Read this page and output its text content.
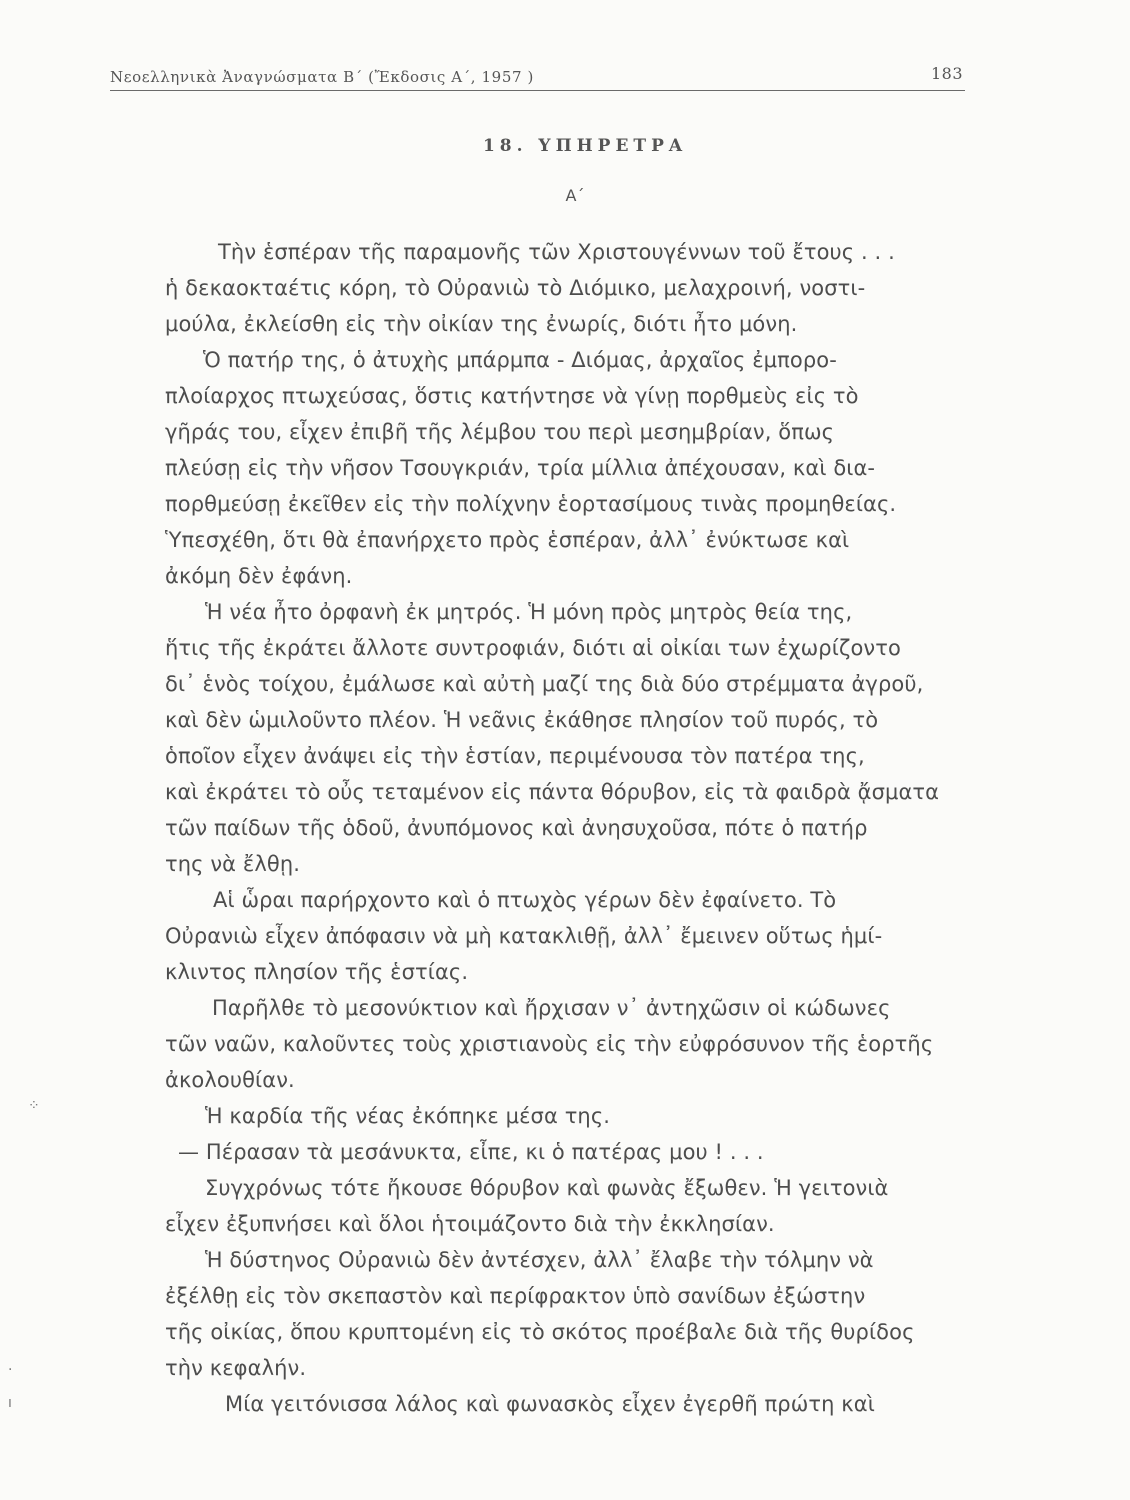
Νεοελληνικὰ Ἀναγνώσματα Β´ (Ἔκδοσις Α´, 1957 )	183
18. ΥΠΗΡΕΤΡΑ
Α´
Τὴν ἑσπέραν τῆς παραμονῆς τῶν Χριστουγέννων τοῦ ἔτους . . .
ἡ δεκαοκταέτις κόρη, τὸ Οὐρανιὼ τὸ Διόμικο, μελαχροινή, νοστι-
μούλα, ἐκλείσθη εἰς τὴν οἰκίαν της ἐνωρίς, διότι ἦτο μόνη.
Ὁ πατήρ της, ὁ ἀτυχὴς μπάρμπα - Διόμας, ἀρχαῖος ἐμπορο-
πλοίαρχος πτωχεύσας, ὅστις κατήντησε νὰ γίνῃ πορθμεὺς εἰς τὸ
γῆράς του, εἶχεν ἐπιβῆ τῆς λέμβου του περὶ μεσημβρίαν, ὅπως
πλεύσῃ εἰς τὴν νῆσον Τσουγκριάν, τρία μίλλια ἀπέχουσαν, καὶ δια-
πορθμεύσῃ ἐκεῖθεν εἰς τὴν πολίχνην ἑορτασίμους τινὰς προμηθείας.
Ὑπεσχέθη, ὅτι θὰ ἐπανήρχετο πρὸς ἑσπέραν, ἀλλ᾽ ἐνύκτωσε καὶ
ἀκόμη δὲν ἐφάνη.
Ἡ νέα ἦτο ὀρφανὴ ἐκ μητρός. Ἡ μόνη πρὸς μητρὸς θεία της,
ἥτις τῆς ἐκράτει ἄλλοτε συντροφιάν, διότι αἱ οἰκίαι των ἐχωρίζοντο
δι᾽ ἑνὸς τοίχου, ἐμάλωσε καὶ αὐτὴ μαζί της διὰ δύο στρέμματα ἀγροῦ,
καὶ δὲν ὡμιλοῦντο πλέον. Ἡ νεᾶνις ἐκάθησε πλησίον τοῦ πυρός, τὸ
ὁποῖον εἶχεν ἀνάψει εἰς τὴν ἑστίαν, περιμένουσα τὸν πατέρα της,
καὶ ἐκράτει τὸ οὖς τεταμένον εἰς πάντα θόρυβον, εἰς τὰ φαιδρὰ ᾄσματα
τῶν παίδων τῆς ὁδοῦ, ἀνυπόμονος καὶ ἀνησυχοῦσα, πότε ὁ πατήρ
της νὰ ἔλθῃ.
Αἱ ὧραι παρήρχοντο καὶ ὁ πτωχὸς γέρων δὲν ἐφαίνετο. Τὸ
Οὐρανιὼ εἶχεν ἀπόφασιν νὰ μὴ κατακλιθῇ, ἀλλ᾽ ἔμεινεν οὕτως ἡμί-
κλιντος πλησίον τῆς ἑστίας.
Παρῆλθε τὸ μεσονύκτιον καὶ ἤρχισαν ν᾽ ἀντηχῶσιν οἱ κώδωνες
τῶν ναῶν, καλοῦντες τοὺς χριστιανοὺς εἰς τὴν εὐφρόσυνον τῆς ἑορτῆς
ἀκολουθίαν.
Ἡ καρδία τῆς νέας ἐκόπηκε μέσα της.
— Πέρασαν τὰ μεσάνυκτα, εἶπε, κι ὁ πατέρας μου ! . . .
Συγχρόνως τότε ἤκουσε θόρυβον καὶ φωνὰς ἔξωθεν. Ἡ γειτονιὰ
εἶχεν ἐξυπνήσει καὶ ὅλοι ἡτοιμάζοντο διὰ τὴν ἐκκλησίαν.
Ἡ δύστηνος Οὐρανιὼ δὲν ἀντέσχεν, ἀλλ᾽ ἔλαβε τὴν τόλμην νὰ
ἐξέλθῃ εἰς τὸν σκεπαστὸν καὶ περίφρακτον ὑπὸ σανίδων ἐξώστην
τῆς οἰκίας, ὅπου κρυπτομένη εἰς τὸ σκότος προέβαλε διὰ τῆς θυρίδος
τὴν κεφαλήν.
Μία γειτόνισσα λάλος καὶ φωνασκὸς εἶχεν ἐγερθῆ πρώτη καὶ
⁘
·
ı
